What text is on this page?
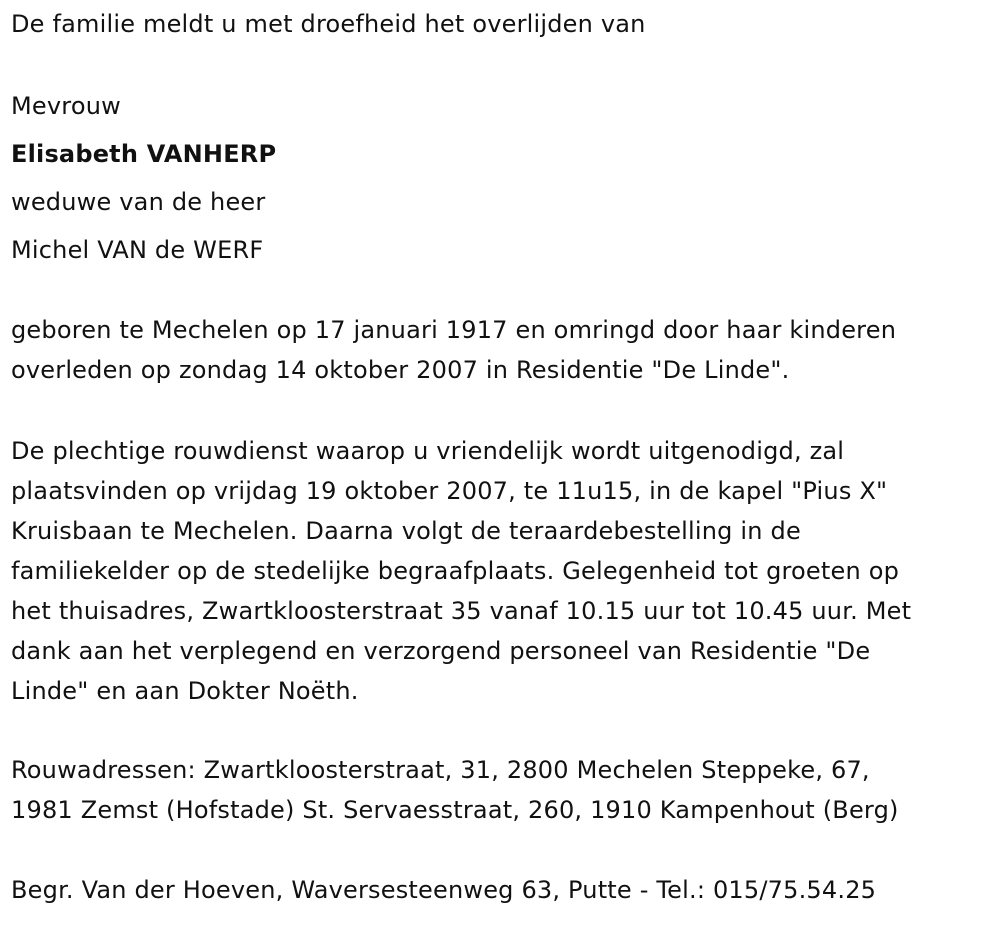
De familie meldt u met droefheid het overlijden van
Mevrouw
Elisabeth VANHERP
weduwe van de heer
Michel VAN de WERF
geboren te Mechelen op 17 januari 1917 en omringd door haar kinderen
overleden op zondag 14 oktober 2007 in Residentie "De Linde".
De plechtige rouwdienst waarop u vriendelijk wordt uitgenodigd, zal
plaatsvinden op vrijdag 19 oktober 2007, te 11u15, in de kapel "Pius X"
Kruisbaan te Mechelen. Daarna volgt de teraardebestelling in de
familiekelder op de stedelijke begraafplaats. Gelegenheid tot groeten op
het thuisadres, Zwartkloosterstraat 35 vanaf 10.15 uur tot 10.45 uur. Met
dank aan het verplegend en verzorgend personeel van Residentie "De
Linde" en aan Dokter Noëth.
Rouwadressen: Zwartkloosterstraat, 31, 2800 Mechelen Steppeke, 67,
1981 Zemst (Hofstade) St. Servaesstraat, 260, 1910 Kampenhout (Berg)
Begr. Van der Hoeven, Waversesteenweg 63, Putte - Tel.: 015/75.54.25
